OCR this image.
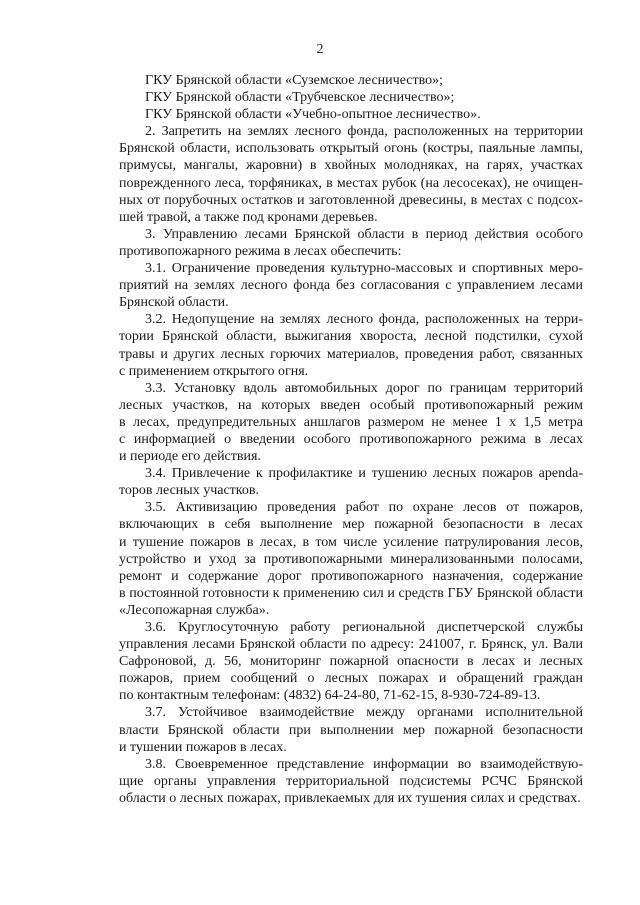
2
ГКУ Брянской области «Суземское лесничество»;
ГКУ Брянской области «Трубчевское лесничество»;
ГКУ Брянской области «Учебно-опытное лесничество».
2. Запретить на землях лесного фонда, расположенных на территории
Брянской области, использовать открытый огонь (костры, паяльные лампы,
примусы, мангалы, жаровни) в хвойных молодняках, на гарях, участках
поврежденного леса, торфяниках, в местах рубок (на лесосеках), не очищен-
ных от порубочных остатков и заготовленной древесины, в местах с подсох-
шей травой, а также под кронами деревьев.
3. Управлению лесами Брянской области в период действия особого
противопожарного режима в лесах обеспечить:
3.1. Ограничение проведения культурно-массовых и спортивных меро-
приятий на землях лесного фонда без согласования с управлением лесами
Брянской области.
3.2. Недопущение на землях лесного фонда, расположенных на терри-
тории Брянской области, выжигания хвороста, лесной подстилки, сухой
травы и других лесных горючих материалов, проведения работ, связанных
с применением открытого огня.
3.3. Установку вдоль автомобильных дорог по границам территорий
лесных участков, на которых введен особый противопожарный режим
в лесах, предупредительных аншлагов размером не менее 1 х 1,5 метра
с информацией о введении особого противопожарного режима в лесах
и периоде его действия.
3.4. Привлечение к профилактике и тушению лесных пожаров арenda-
торов лесных участков.
3.5. Активизацию проведения работ по охране лесов от пожаров,
включающих в себя выполнение мер пожарной безопасности в лесах
и тушение пожаров в лесах, в том числе усиление патрулирования лесов,
устройство и уход за противопожарными минерализованными полосами,
ремонт и содержание дорог противопожарного назначения, содержание
в постоянной готовности к применению сил и средств ГБУ Брянской области
«Лесопожарная служба».
3.6. Круглосуточную работу региональной диспетчерской службы
управления лесами Брянской области по адресу: 241007, г. Брянск, ул. Вали
Сафроновой, д. 56, мониторинг пожарной опасности в лесах и лесных
пожаров, прием сообщений о лесных пожарах и обращений граждан
по контактным телефонам: (4832) 64-24-80, 71-62-15, 8-930-724-89-13.
3.7. Устойчивое взаимодействие между органами исполнительной
власти Брянской области при выполнении мер пожарной безопасности
и тушении пожаров в лесах.
3.8. Своевременное представление информации во взаимодействую-
щие органы управления территориальной подсистемы РСЧС Брянской
области о лесных пожарах, привлекаемых для их тушения силах и средствах.
